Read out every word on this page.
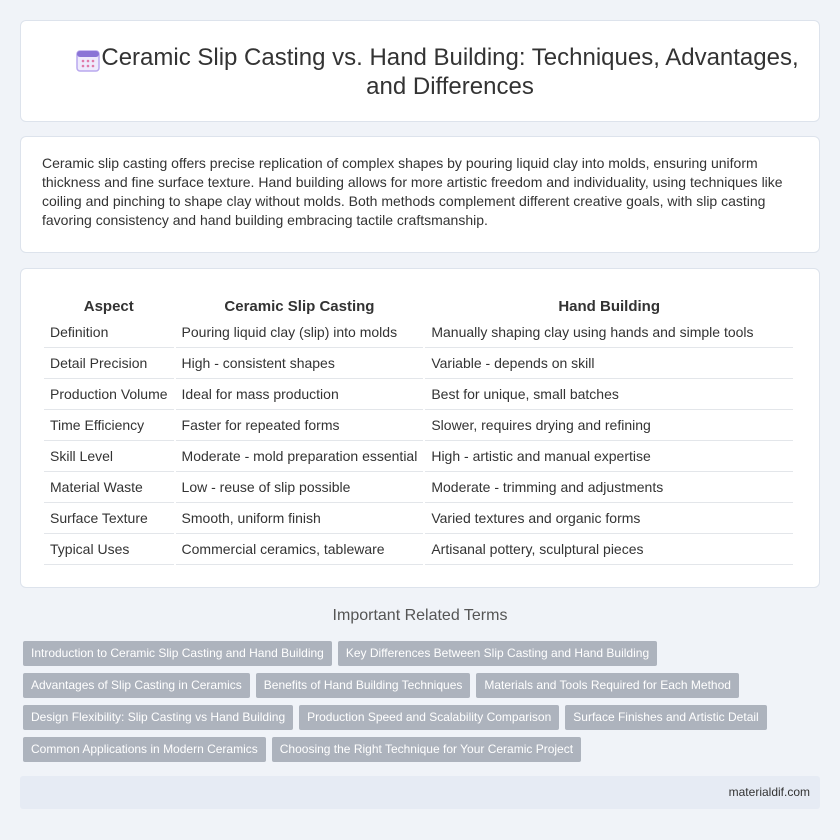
Ceramic Slip Casting vs. Hand Building: Techniques, Advantages, and Differences

Ceramic slip casting offers precise replication of complex shapes by pouring liquid clay into molds, ensuring uniform thickness and fine surface texture. Hand building allows for more artistic freedom and individuality, using techniques like coiling and pinching to shape clay without molds. Both methods complement different creative goals, with slip casting favoring consistency and hand building embracing tactile craftsmanship.

Aspect	Ceramic Slip Casting	Hand Building
Definition	Pouring liquid clay (slip) into molds	Manually shaping clay using hands and simple tools
Detail Precision	High - consistent shapes	Variable - depends on skill
Production Volume	Ideal for mass production	Best for unique, small batches
Time Efficiency	Faster for repeated forms	Slower, requires drying and refining
Skill Level	Moderate - mold preparation essential	High - artistic and manual expertise
Material Waste	Low - reuse of slip possible	Moderate - trimming and adjustments
Surface Texture	Smooth, uniform finish	Varied textures and organic forms
Typical Uses	Commercial ceramics, tableware	Artisanal pottery, sculptural pieces
Important Related Terms
Introduction to Ceramic Slip Casting and Hand Building Key Differences Between Slip Casting and Hand Building
Advantages of Slip Casting in Ceramics Benefits of Hand Building Techniques Materials and Tools Required for Each Method
Design Flexibility: Slip Casting vs Hand Building Production Speed and Scalability Comparison Surface Finishes and Artistic Detail
Common Applications in Modern Ceramics Choosing the Right Technique for Your Ceramic Project
materialdif.com
